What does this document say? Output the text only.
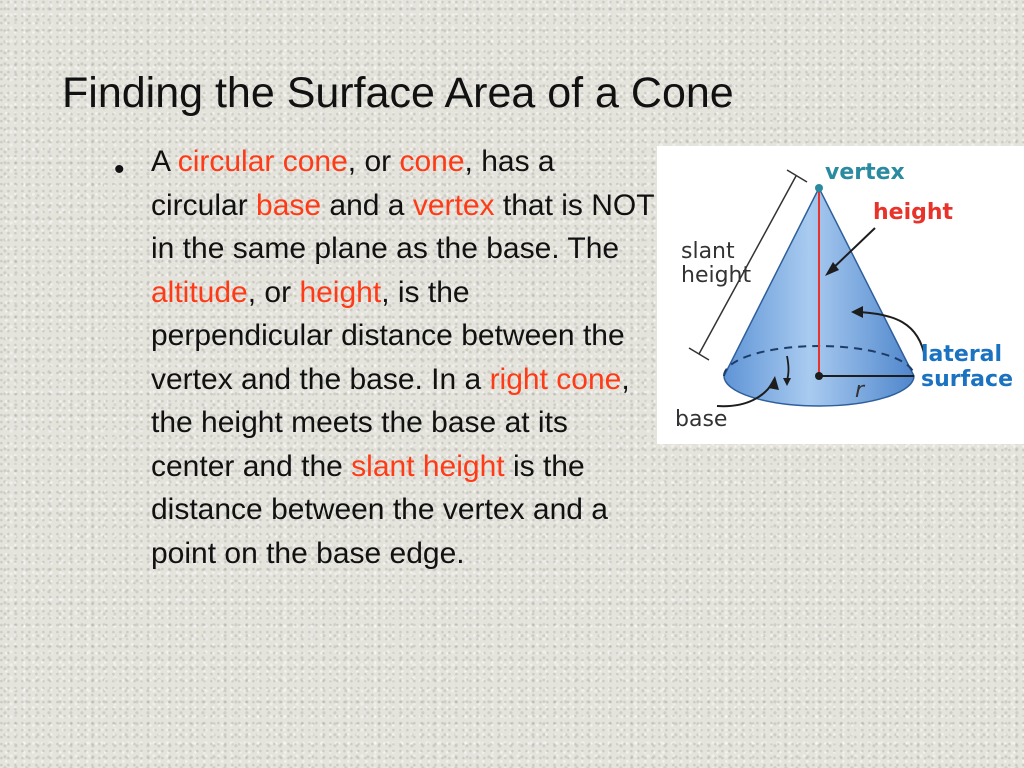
Finding the Surface Area of a Cone
• A circular cone, or cone, has a circular base and a vertex that is NOT in the same plane as the base. The altitude, or height, is the perpendicular distance between the vertex and the base. In a right cone, the height meets the base at its center and the slant height is the distance between the vertex and a point on the base edge.

vertex
height
slant
height
lateral
surface
base
r
